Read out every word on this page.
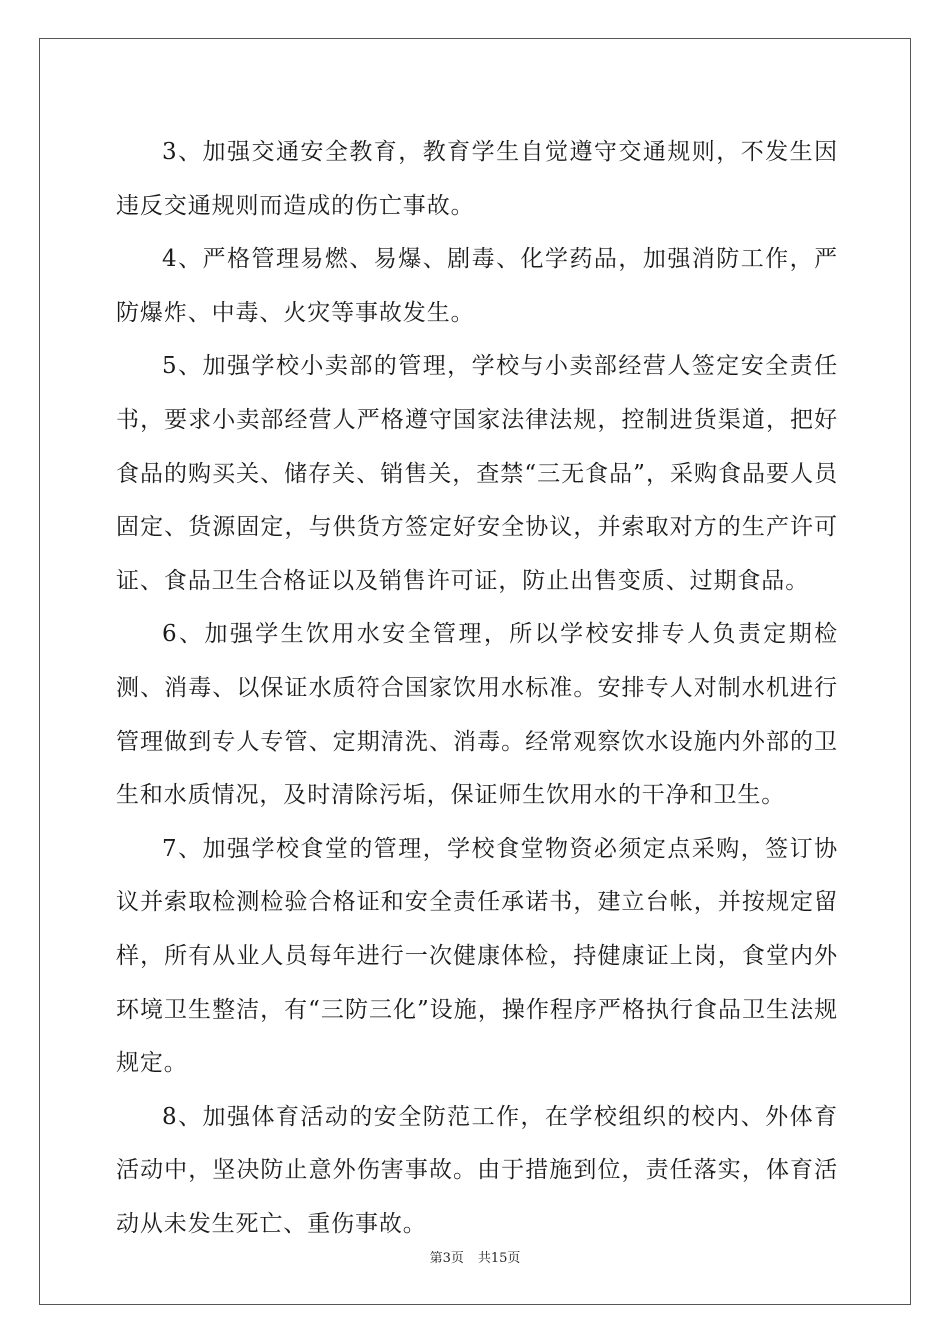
3、加强交通安全教育，教育学生自觉遵守交通规则，不发生因违反交通规则而造成的伤亡事故。

4、严格管理易燃、易爆、剧毒、化学药品，加强消防工作，严防爆炸、中毒、火灾等事故发生。

5、加强学校小卖部的管理，学校与小卖部经营人签定安全责任书，要求小卖部经营人严格遵守国家法律法规，控制进货渠道，把好食品的购买关、储存关、销售关，查禁“三无食品”，采购食品要人员固定、货源固定，与供货方签定好安全协议，并索取对方的生产许可证、食品卫生合格证以及销售许可证，防止出售变质、过期食品。

6、加强学生饮用水安全管理，所以学校安排专人负责定期检测、消毒、以保证水质符合国家饮用水标准。安排专人对制水机进行管理做到专人专管、定期清洗、消毒。经常观察饮水设施内外部的卫生和水质情况，及时清除污垢，保证师生饮用水的干净和卫生。

7、加强学校食堂的管理，学校食堂物资必须定点采购，签订协议并索取检测检验合格证和安全责任承诺书，建立台帐，并按规定留样，所有从业人员每年进行一次健康体检，持健康证上岗，食堂内外环境卫生整洁，有“三防三化”设施，操作程序严格执行食品卫生法规规定。

8、加强体育活动的安全防范工作，在学校组织的校内、外体育活动中，坚决防止意外伤害事故。由于措施到位，责任落实，体育活动从未发生死亡、重伤事故。

第3页 共15页
